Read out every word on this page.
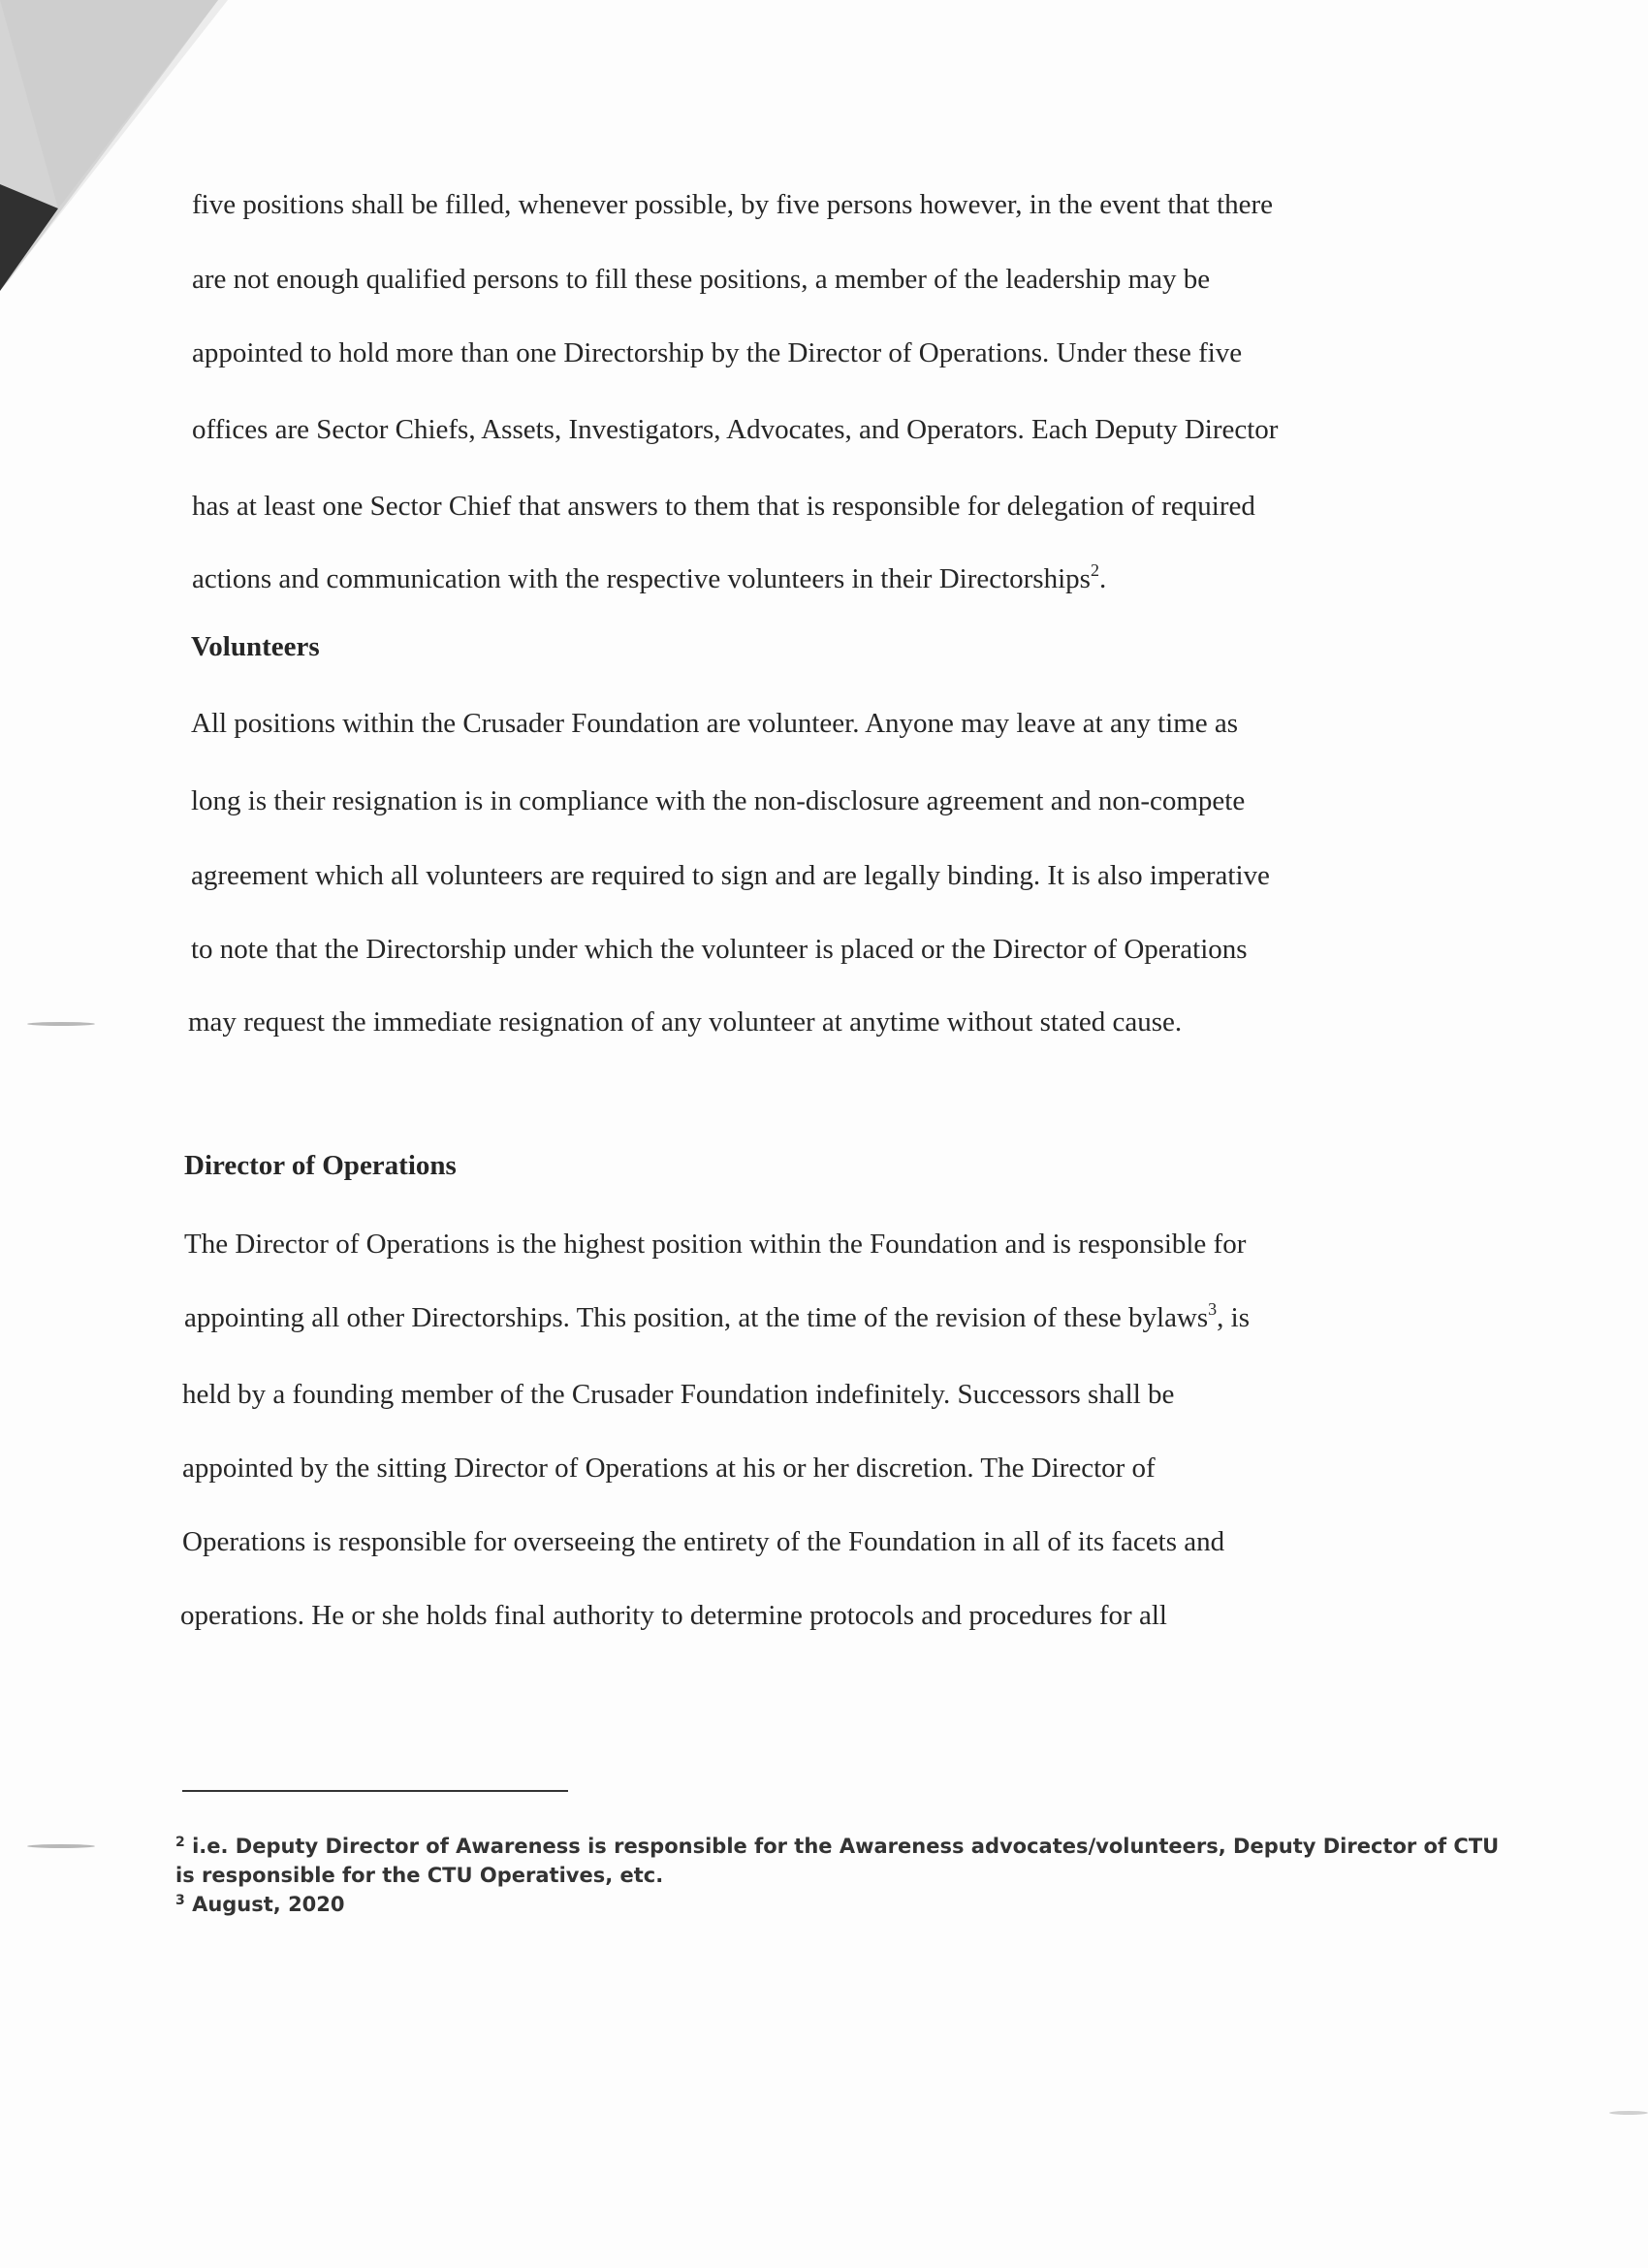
five positions shall be filled, whenever possible, by five persons however, in the event that there
are not enough qualified persons to fill these positions, a member of the leadership may be
appointed to hold more than one Directorship by the Director of Operations. Under these five
offices are Sector Chiefs, Assets, Investigators, Advocates, and Operators. Each Deputy Director
has at least one Sector Chief that answers to them that is responsible for delegation of required
actions and communication with the respective volunteers in their Directorships$^2$.
Volunteers
All positions within the Crusader Foundation are volunteer. Anyone may leave at any time as
long is their resignation is in compliance with the non-disclosure agreement and non-compete
agreement which all volunteers are required to sign and are legally binding. It is also imperative
to note that the Directorship under which the volunteer is placed or the Director of Operations
may request the immediate resignation of any volunteer at anytime without stated cause.
Director of Operations
The Director of Operations is the highest position within the Foundation and is responsible for
appointing all other Directorships. This position, at the time of the revision of these bylaws$^3$, is
held by a founding member of the Crusader Foundation indefinitely. Successors shall be
appointed by the sitting Director of Operations at his or her discretion. The Director of
Operations is responsible for overseeing the entirety of the Foundation in all of its facets and
operations. He or she holds final authority to determine protocols and procedures for all
$^2$ i.e. Deputy Director of Awareness is responsible for the Awareness advocates/volunteers, Deputy Director of CTU
is responsible for the CTU Operatives, etc.
$^3$ August, 2020
